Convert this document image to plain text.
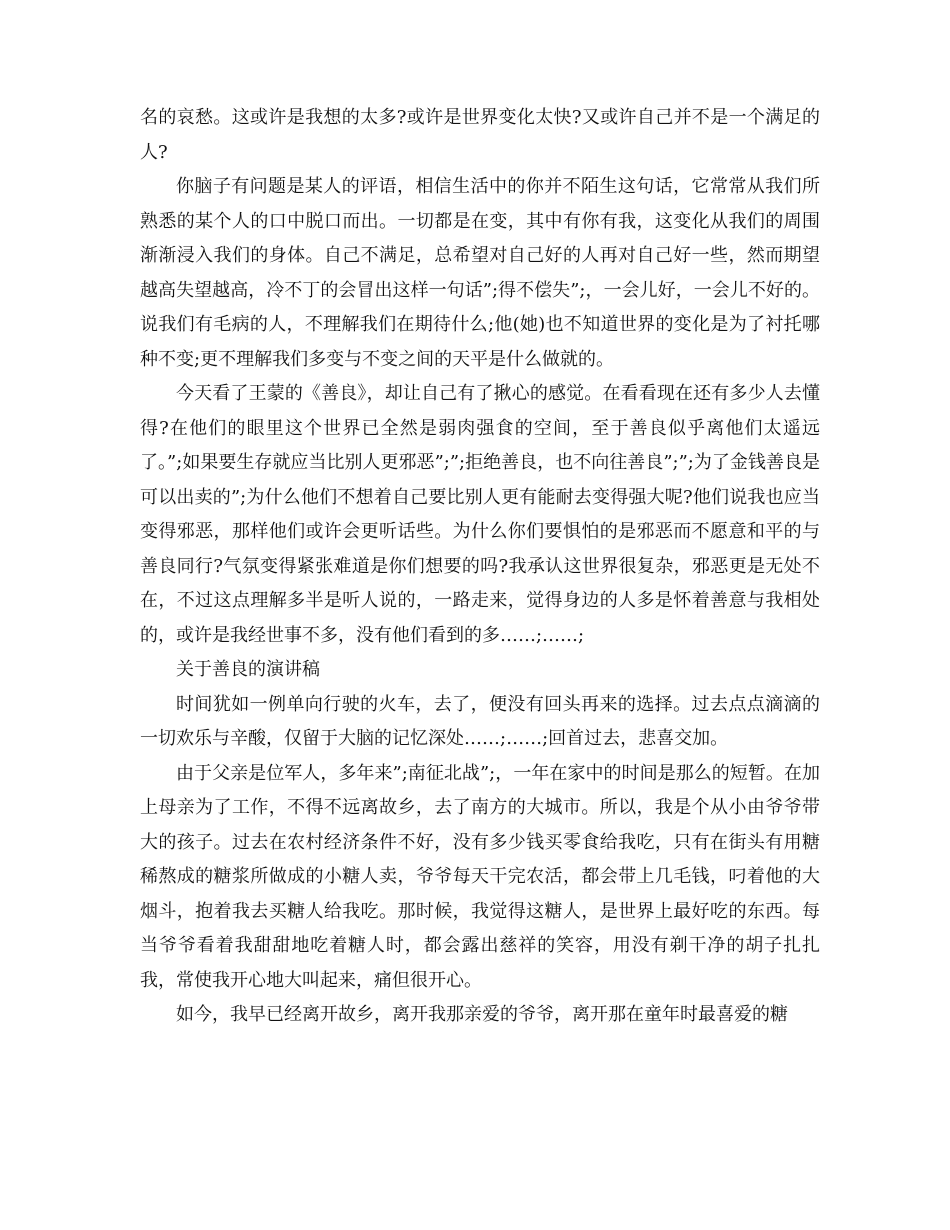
名的哀愁。这或许是我想的太多?或许是世界变化太快?又或许自己并不是一个满足的人?

你脑子有问题是某人的评语，相信生活中的你并不陌生这句话，它常常从我们所熟悉的某个人的口中脱口而出。一切都是在变，其中有你有我，这变化从我们的周围渐渐浸入我们的身体。自己不满足，总希望对自己好的人再对自己好一些，然而期望越高失望越高，冷不丁的会冒出这样一句话”;得不偿失”;，一会儿好，一会儿不好的。说我们有毛病的人，不理解我们在期待什么;他(她)也不知道世界的变化是为了衬托哪种不变;更不理解我们多变与不变之间的天平是什么做就的。

今天看了王蒙的《善良》，却让自己有了揪心的感觉。在看看现在还有多少人去懂得?在他们的眼里这个世界已全然是弱肉强食的空间，至于善良似乎离他们太遥远了。”;如果要生存就应当比别人更邪恶”;”;拒绝善良，也不向往善良”;”;为了金钱善良是可以出卖的”;为什么他们不想着自己要比别人更有能耐去变得强大呢?他们说我也应当变得邪恶，那样他们或许会更听话些。为什么你们要惧怕的是邪恶而不愿意和平的与善良同行?气氛变得紧张难道是你们想要的吗?我承认这世界很复杂，邪恶更是无处不在，不过这点理解多半是听人说的，一路走来，觉得身边的人多是怀着善意与我相处的，或许是我经世事不多，没有他们看到的多……;……;

关于善良的演讲稿

时间犹如一例单向行驶的火车，去了，便没有回头再来的选择。过去点点滴滴的一切欢乐与辛酸，仅留于大脑的记忆深处……;……;回首过去，悲喜交加。

由于父亲是位军人，多年来”;南征北战”;，一年在家中的时间是那么的短暂。在加上母亲为了工作，不得不远离故乡，去了南方的大城市。所以，我是个从小由爷爷带大的孩子。过去在农村经济条件不好，没有多少钱买零食给我吃，只有在街头有用糖稀熬成的糖浆所做成的小糖人卖，爷爷每天干完农活，都会带上几毛钱，叼着他的大烟斗，抱着我去买糖人给我吃。那时候，我觉得这糖人，是世界上最好吃的东西。每当爷爷看着我甜甜地吃着糖人时，都会露出慈祥的笑容，用没有剃干净的胡子扎扎我，常使我开心地大叫起来，痛但很开心。

如今，我早已经离开故乡，离开我那亲爱的爷爷，离开那在童年时最喜爱的糖
